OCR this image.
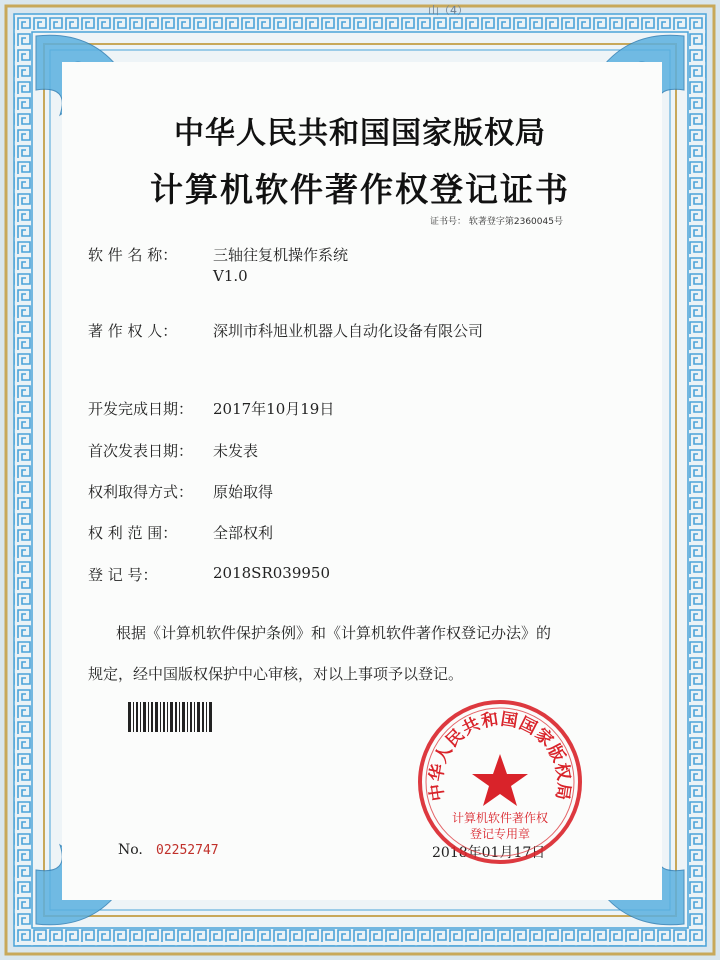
山（4）
中华人民共和国国家版权局
计算机软件著作权登记证书
证书号： 软著登字第2360045号
软 件 名 称： 三轴往复机操作系统
V1.0
著 作 权 人： 深圳市科旭业机器人自动化设备有限公司
开发完成日期： 2017年10月19日
首次发表日期： 未发表
权利取得方式： 原始取得
权 利 范 围： 全部权利
登 记 号：	2018SR039950
根据《计算机软件保护条例》和《计算机软件著作权登记办法》的
规定，经中国版权保护中心审核，对以上事项予以登记。
No. 02252747	2018年01月17日
中华人民共和国国家版权局
计算机软件著作权
登记专用章
